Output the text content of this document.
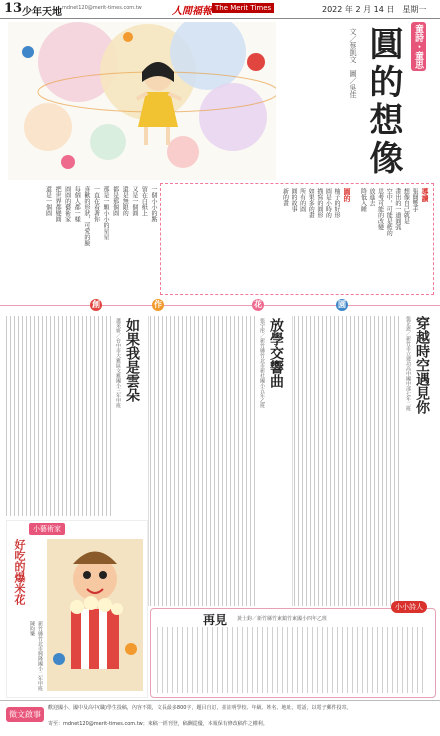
13 少年天地 mdnet120@merit-times.com.tw	人間福報 The Merit Times	2022 年 2 月 14 日　星期一
童詩・童思
圓的想像
文／蔡凱文　圖／吳佳
導讀
張開雙手
想像自己就是
畫出的一道圓弧
空中，可能是藍的
思考可能的改變
放進去
降低入睡
圓的
柚子的好形
圓是小時的
描寫的圓形
如果多的畫
所有的圓
圓的故事
新的畫
一個小小的點
留在白紙上
又是一個圓
還是無限的
都是那個圓
那是一顆小小的星星
一直在看著你
喜歡的形狀，可愛的臉
每個人都一樣
圓圓的藝術家
把世界都變圓
還是一個圓
創	作	花	園
穿越時空遇見你
張芷恩／新竹市立建功高中國中部七年二班
放學交響曲
張宇彤／新竹縣竹北市新社國小五年乙班
如果我是雲朵
蕭采妍／台中市大雅區文雅國小三年甲班
小藝術家
好吃的爆米花
陳昀樂 新竹縣竹北市興隆國小二年甲班
再見 黃士鈞／新竹縣竹東鎮竹東國小四年乙班
小小詩人
徵文啟事
歡迎國小、國中及高中(職)學生投稿，內容不限，文長最多800字，題目自訂，並註明學校、年級、姓名、地址、電話，以電子郵件投寄。
寄至：mdnet120@merit-times.com.tw；來稿一經刊登，稿酬從優，本報保有修改稿件之權利。
